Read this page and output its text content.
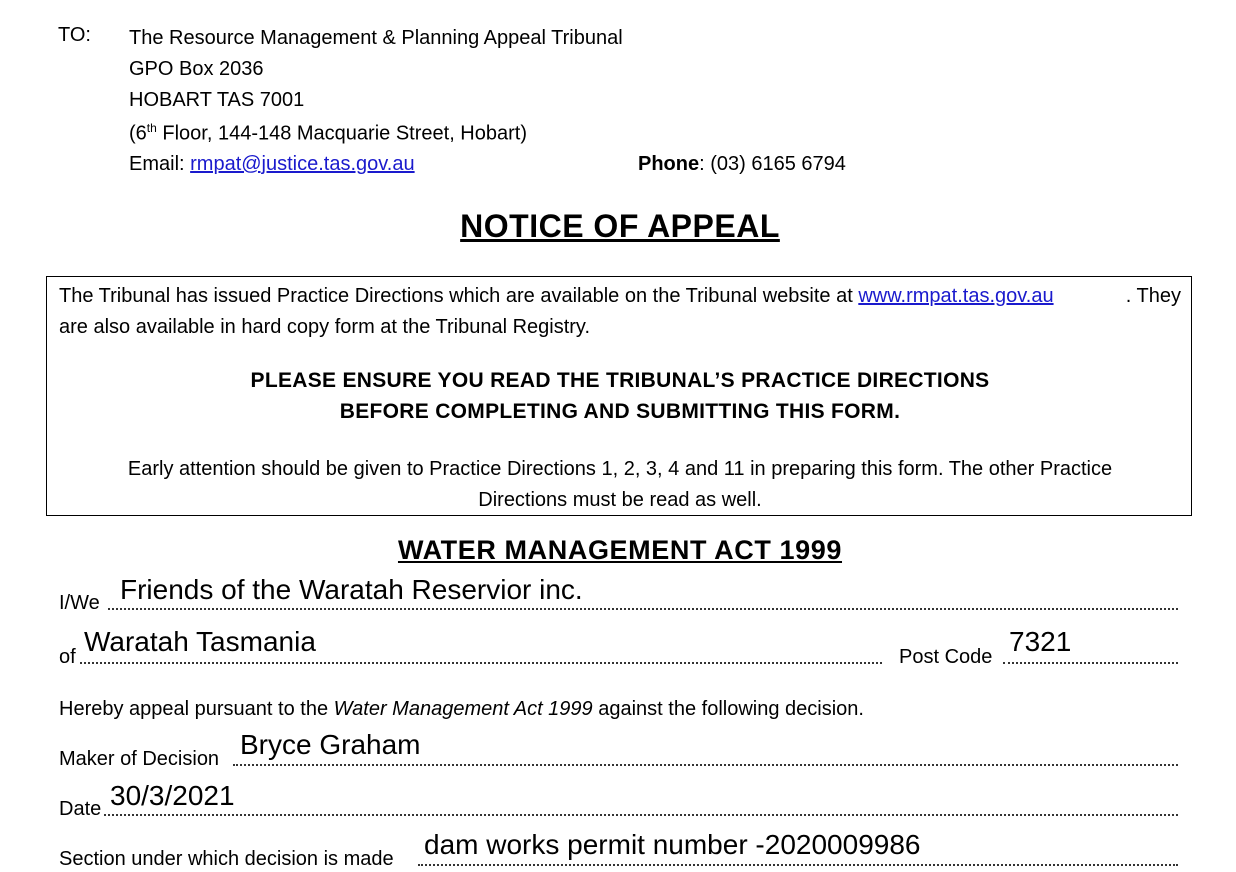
TO: The Resource Management & Planning Appeal Tribunal
GPO Box 2036
HOBART TAS 7001
(6th Floor, 144-148 Macquarie Street, Hobart)
Email: rmpat@justice.tas.gov.au	Phone: (03) 6165 6794
NOTICE OF APPEAL
The Tribunal has issued Practice Directions which are available on the Tribunal website at www.rmpat.tas.gov.au	. They
are also available in hard copy form at the Tribunal Registry.
PLEASE ENSURE YOU READ THE TRIBUNAL’S PRACTICE DIRECTIONS
BEFORE COMPLETING AND SUBMITTING THIS FORM.
Early attention should be given to Practice Directions 1, 2, 3, 4 and 11 in preparing this form. The other Practice
Directions must be read as well.
WATER MANAGEMENT ACT 1999
I/We Friends of the Waratah Reservior inc.
of Waratah Tasmania	Post Code 7321
Hereby appeal pursuant to the Water Management Act 1999 against the following decision.
Maker of Decision Bryce Graham
Date 30/3/2021
Section under which decision is made dam works permit number -2020009986
